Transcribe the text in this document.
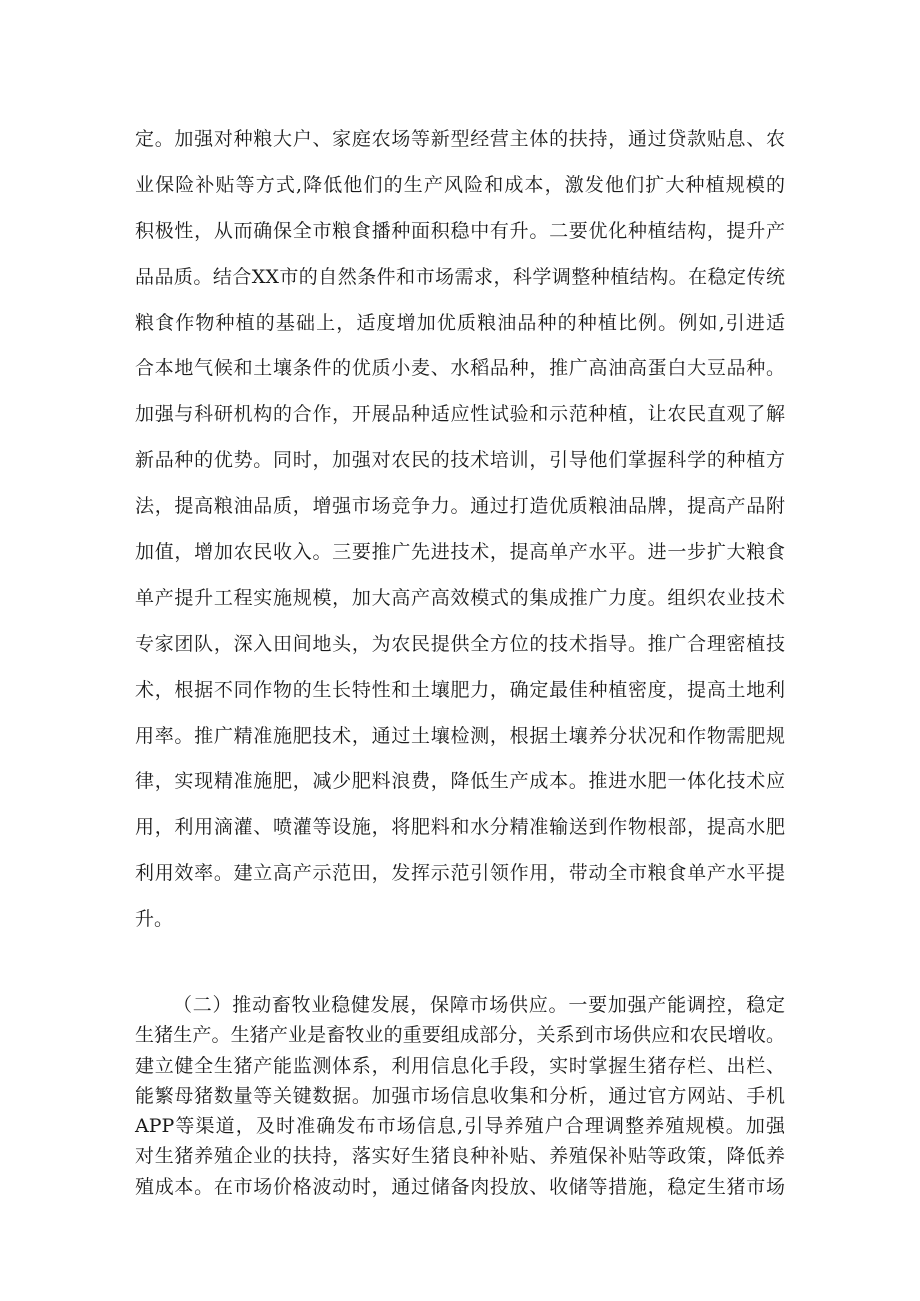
定。加强对种粮大户、家庭农场等新型经营主体的扶持，通过贷款贴息、农
业保险补贴等方式,降低他们的生产风险和成本，激发他们扩大种植规模的
积极性，从而确保全市粮食播种面积稳中有升。二要优化种植结构，提升产
品品质。结合XX市的自然条件和市场需求，科学调整种植结构。在稳定传统
粮食作物种植的基础上，适度增加优质粮油品种的种植比例。例如,引进适
合本地气候和土壤条件的优质小麦、水稻品种，推广高油高蛋白大豆品种。
加强与科研机构的合作，开展品种适应性试验和示范种植，让农民直观了解
新品种的优势。同时，加强对农民的技术培训，引导他们掌握科学的种植方
法，提高粮油品质，增强市场竞争力。通过打造优质粮油品牌，提高产品附
加值，增加农民收入。三要推广先进技术，提高单产水平。进一步扩大粮食
单产提升工程实施规模，加大高产高效模式的集成推广力度。组织农业技术
专家团队，深入田间地头，为农民提供全方位的技术指导。推广合理密植技
术，根据不同作物的生长特性和土壤肥力，确定最佳种植密度，提高土地利
用率。推广精准施肥技术，通过土壤检测，根据土壤养分状况和作物需肥规
律，实现精准施肥，减少肥料浪费，降低生产成本。推进水肥一体化技术应
用，利用滴灌、喷灌等设施，将肥料和水分精准输送到作物根部，提高水肥
利用效率。建立高产示范田，发挥示范引领作用，带动全市粮食单产水平提
升。
（二）推动畜牧业稳健发展，保障市场供应。一要加强产能调控，稳定
生猪生产。生猪产业是畜牧业的重要组成部分，关系到市场供应和农民增收。
建立健全生猪产能监测体系，利用信息化手段，实时掌握生猪存栏、出栏、
能繁母猪数量等关键数据。加强市场信息收集和分析，通过官方网站、手机
APP等渠道，及时准确发布市场信息,引导养殖户合理调整养殖规模。加强
对生猪养殖企业的扶持，落实好生猪良种补贴、养殖保补贴等政策，降低养
殖成本。在市场价格波动时，通过储备肉投放、收储等措施，稳定生猪市场
